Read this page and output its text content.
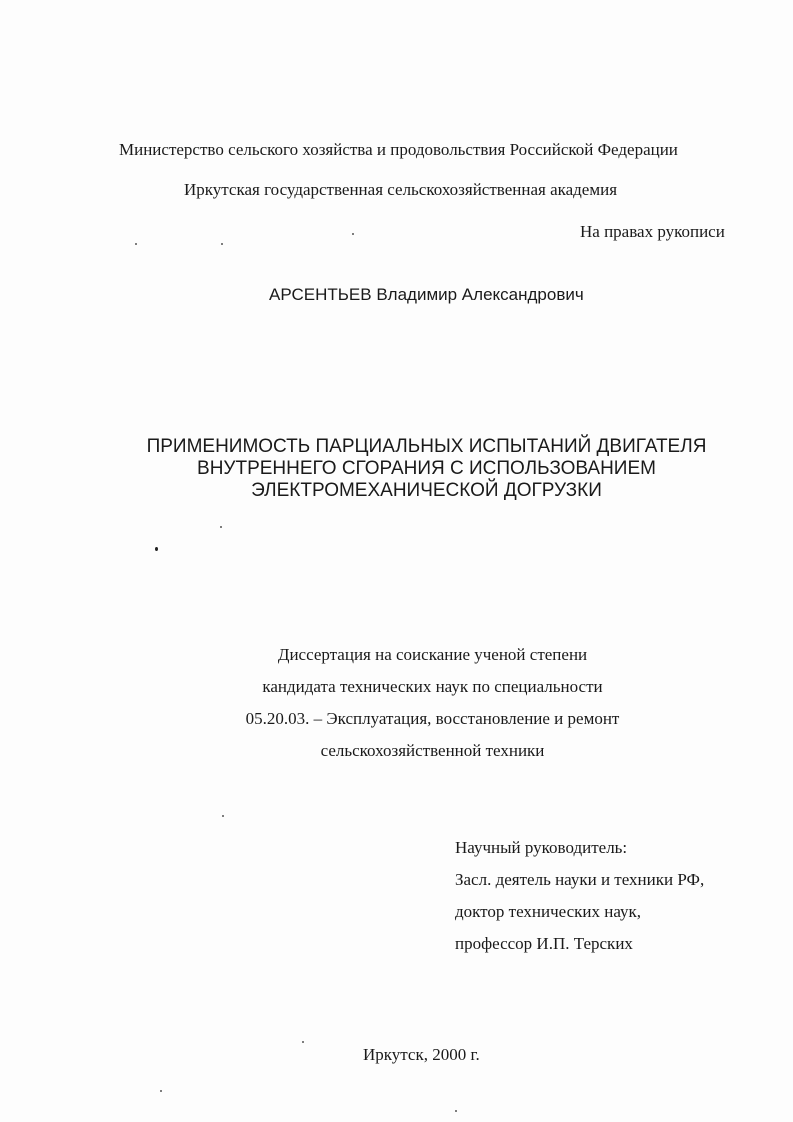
Министерство сельского хозяйства и продовольствия Российской Федерации
Иркутская государственная сельскохозяйственная академия
На правах рукописи
АРСЕНТЬЕВ Владимир Александрович
ПРИМЕНИМОСТЬ ПАРЦИАЛЬНЫХ ИСПЫТАНИЙ ДВИГАТЕЛЯ
ВНУТРЕННЕГО СГОРАНИЯ С ИСПОЛЬЗОВАНИЕМ
ЭЛЕКТРОМЕХАНИЧЕСКОЙ ДОГРУЗКИ
Диссертация на соискание ученой степени
кандидата технических наук по специальности
05.20.03. – Эксплуатация, восстановление и ремонт
сельскохозяйственной техники
Научный руководитель:
Засл. деятель науки и техники РФ,
доктор технических наук,
профессор И.П. Терских
Иркутск, 2000 г.
